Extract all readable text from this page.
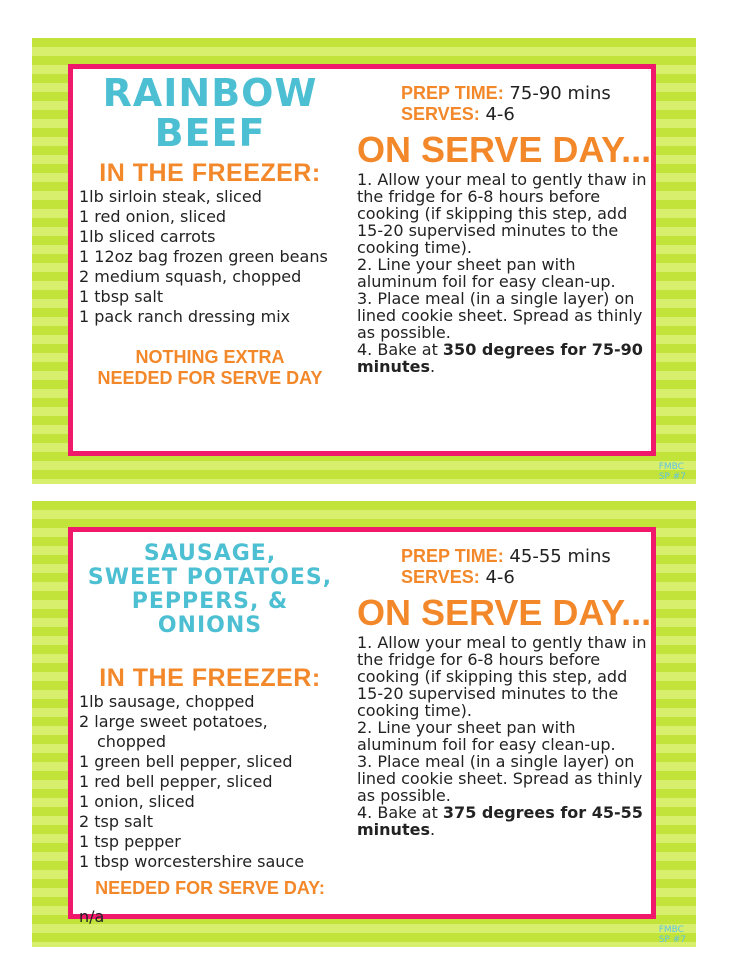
RAINBOW
BEEF
IN THE FREEZER:
1lb sirloin steak, sliced
1 red onion, sliced
1lb sliced carrots
1 12oz bag frozen green beans
2 medium squash, chopped
1 tbsp salt
1 pack ranch dressing mix
NOTHING EXTRA
NEEDED FOR SERVE DAY
PREP TIME: 75-90 mins
SERVES: 4-6
ON SERVE DAY...
1. Allow your meal to gently thaw in the fridge for 6-8 hours before cooking (if skipping this step, add 15-20 supervised minutes to the cooking time).
2. Line your sheet pan with aluminum foil for easy clean-up.
3. Place meal (in a single layer) on lined cookie sheet. Spread as thinly as possible.
4. Bake at 350 degrees for 75-90 minutes.
FMBC
SP #7
SAUSAGE,
SWEET POTATOES,
PEPPERS, & ONIONS
IN THE FREEZER:
1lb sausage, chopped
2 large sweet potatoes, chopped
1 green bell pepper, sliced
1 red bell pepper, sliced
1 onion, sliced
2 tsp salt
1 tsp pepper
1 tbsp worcestershire sauce
NEEDED FOR SERVE DAY:
n/a
PREP TIME: 45-55 mins
SERVES: 4-6
ON SERVE DAY...
1. Allow your meal to gently thaw in the fridge for 6-8 hours before cooking (if skipping this step, add 15-20 supervised minutes to the cooking time).
2. Line your sheet pan with aluminum foil for easy clean-up.
3. Place meal (in a single layer) on lined cookie sheet. Spread as thinly as possible.
4. Bake at 375 degrees for 45-55 minutes.
FMBC
SP #7
